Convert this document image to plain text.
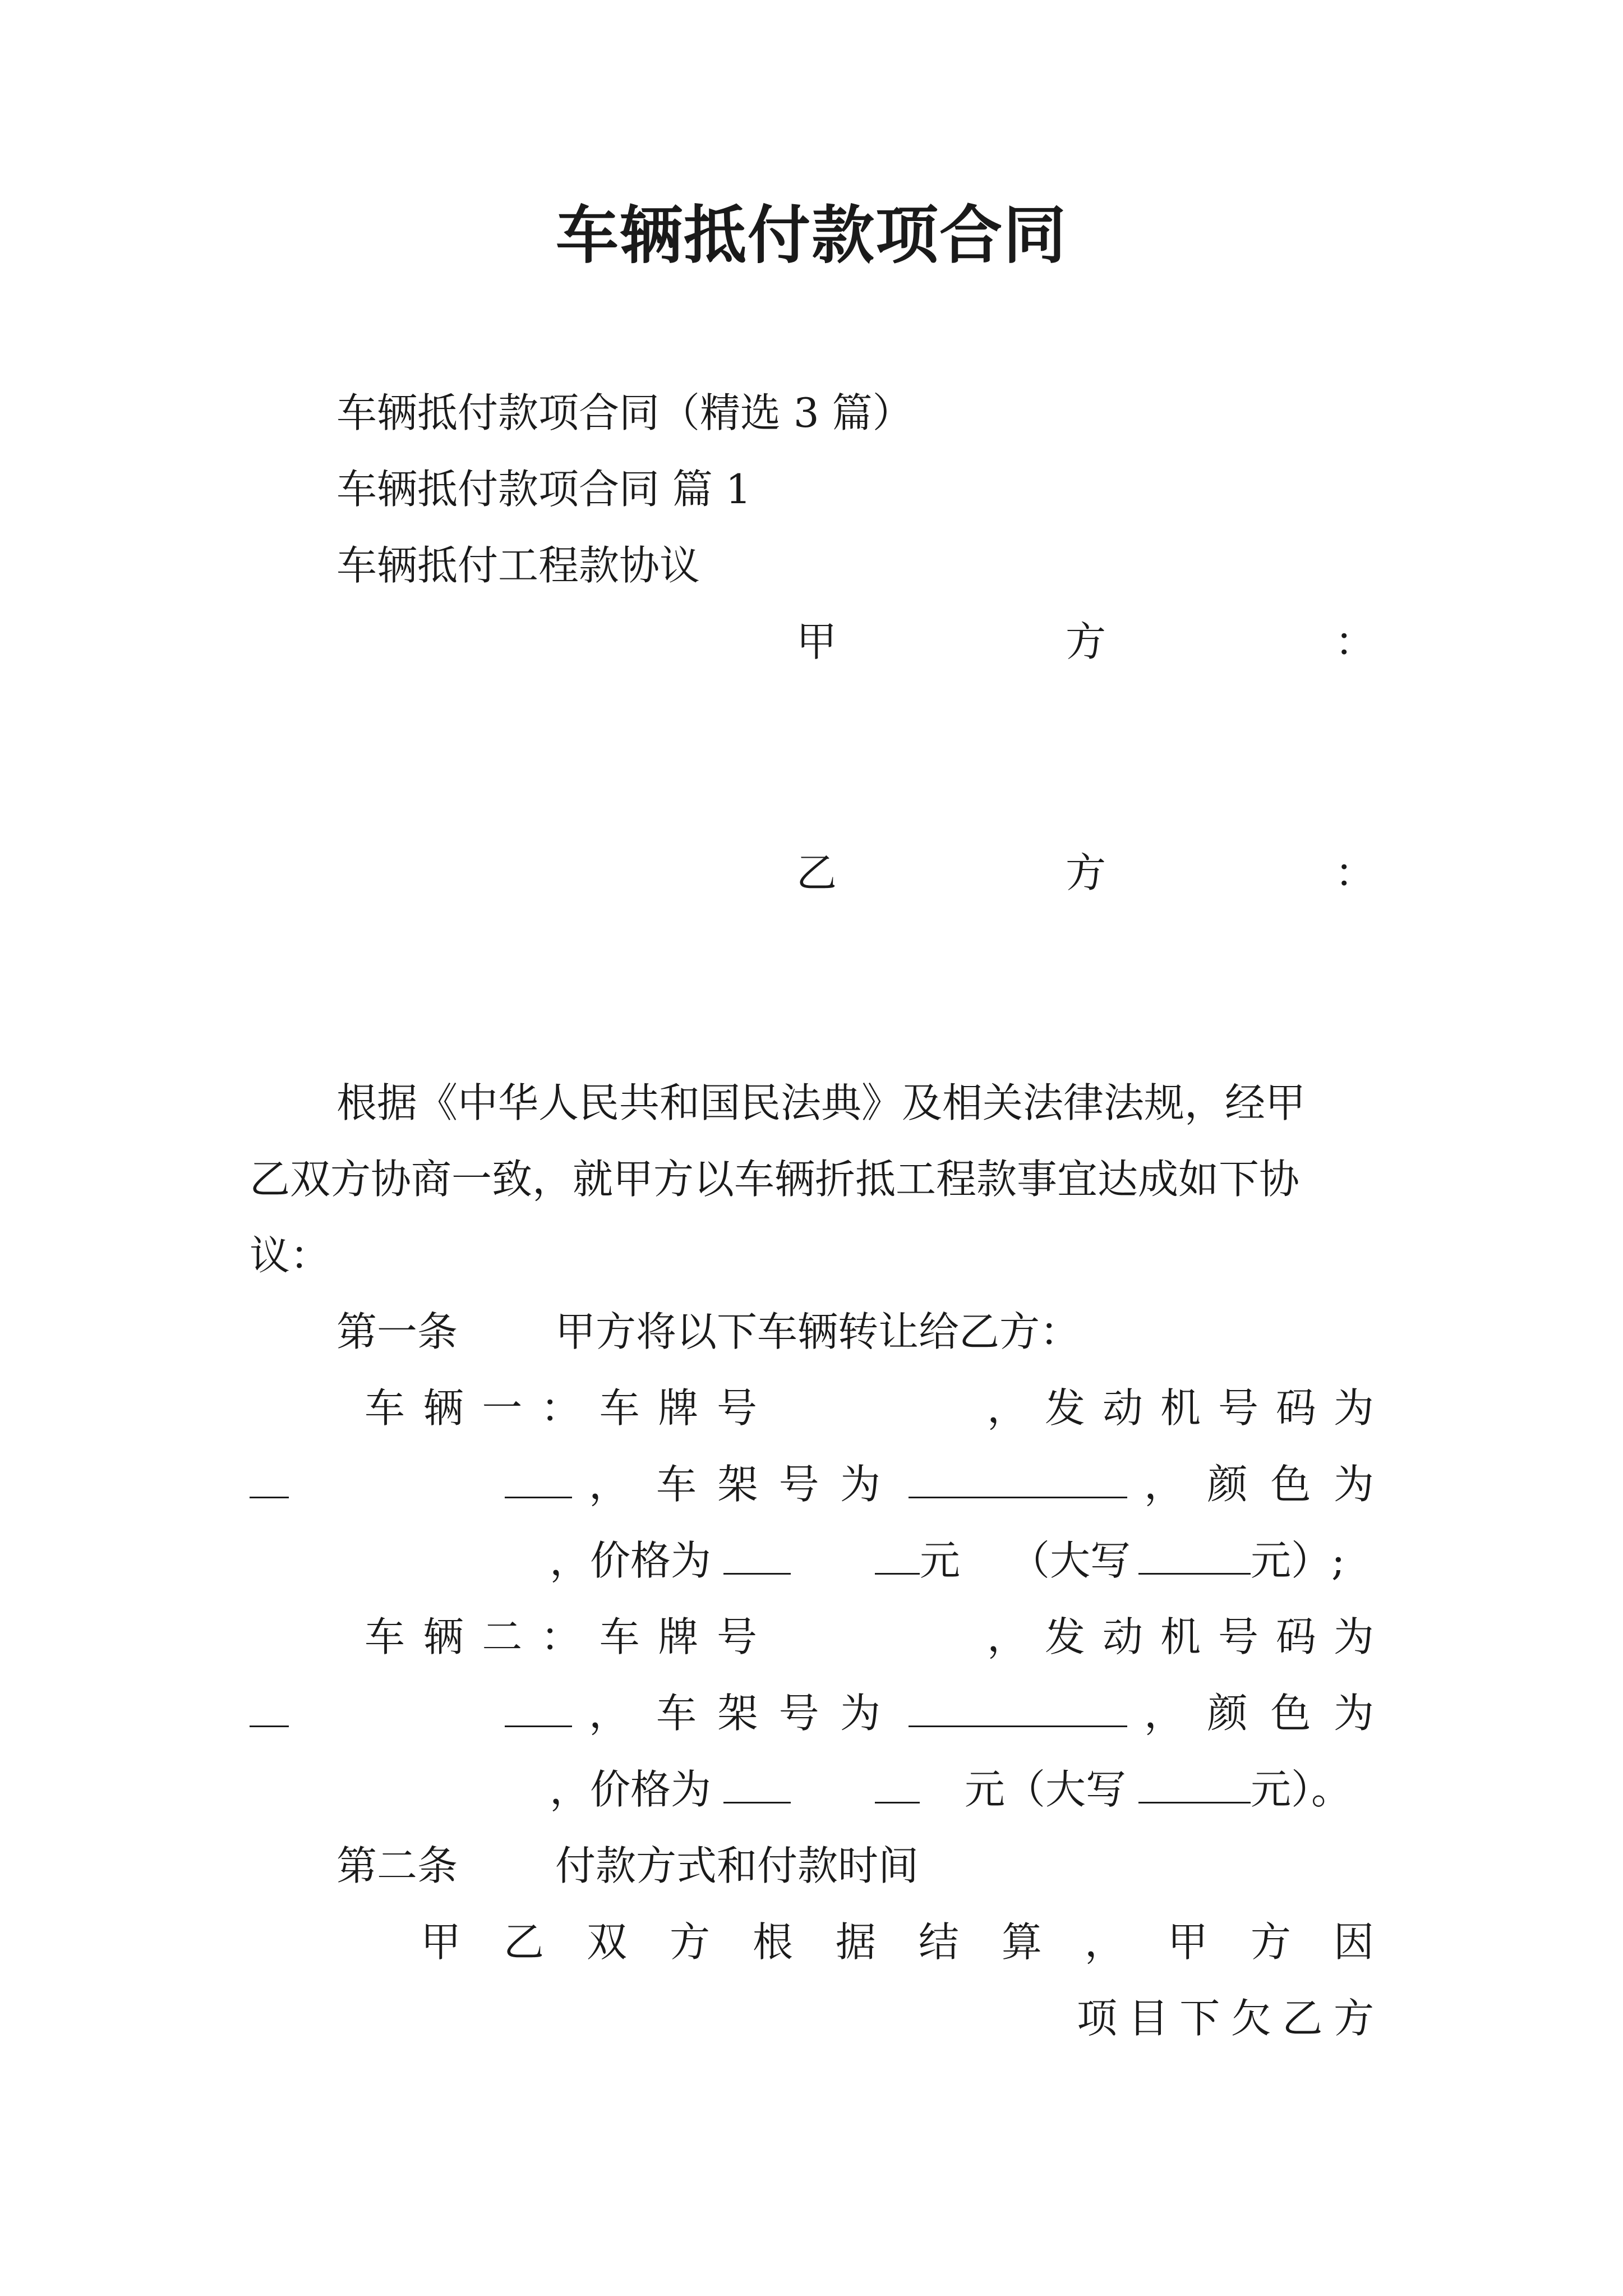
车辆抵付款项合同
车辆抵付款项合同（精选 3 篇）
车辆抵付款项合同 篇 1
车辆抵付工程款协议
甲	方	：
乙	方	：
根据《中华人民共和国民法典》及相关法律法规，经甲
乙双方协商一致，就甲方以车辆折抵工程款事宜达成如下协
议：
第一条 甲方将以下车辆转让给乙方：
车 辆 一 ： 车 牌 号	， 发 动 机 号 码 为
， 车 架 号 为	， 颜 色 为
，价格为	元 （大写	元）;
车 辆 二 ： 车 牌 号	， 发 动 机 号 码 为
， 车 架 号 为	， 颜 色 为
，价格为	元（大写	元）。
第二条 付款方式和付款时间
甲 乙 双 方 根 据 结 算 ， 甲 方 因
项 目 下 欠 乙 方
